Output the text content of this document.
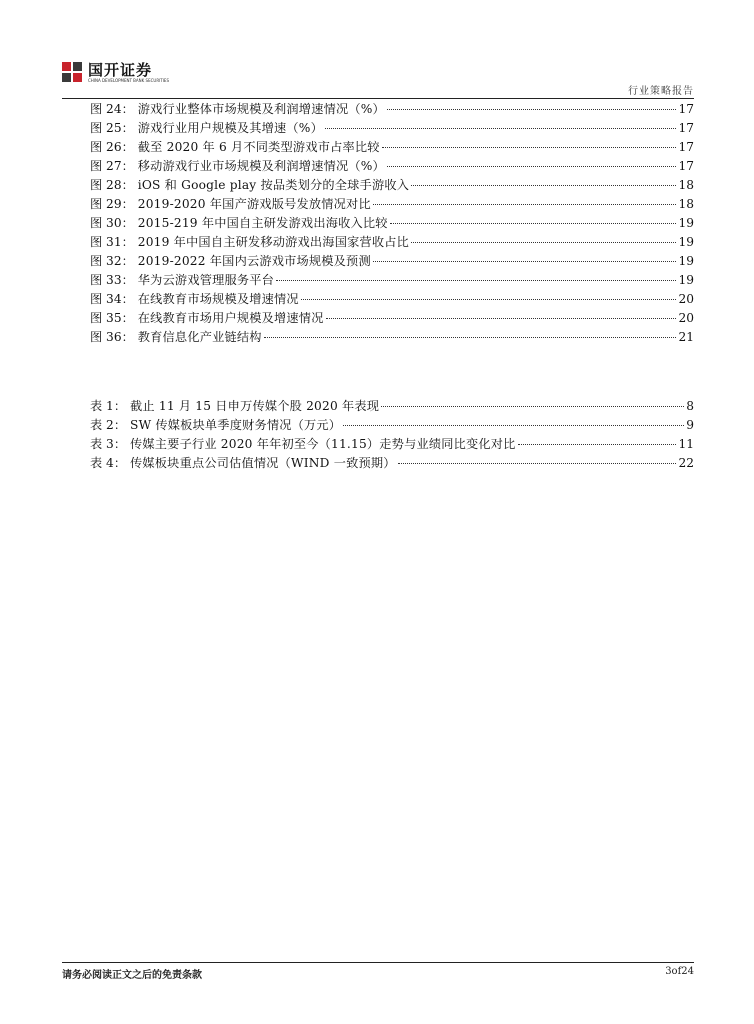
国开证券
CHINA DEVELOPMENT BANK SECURITIES
行业策略报告
图 24： 游戏行业整体市场规模及利润增速情况（%）	17
图 25： 游戏行业用户规模及其增速（%）	17
图 26： 截至 2020 年 6 月不同类型游戏市占率比较	17
图 27： 移动游戏行业市场规模及利润增速情况（%）	17
图 28： iOS 和 Google play 按品类划分的全球手游收入	18
图 29： 2019-2020 年国产游戏版号发放情况对比	18
图 30： 2015-219 年中国自主研发游戏出海收入比较	19
图 31： 2019 年中国自主研发移动游戏出海国家营收占比	19
图 32： 2019-2022 年国内云游戏市场规模及预测	19
图 33： 华为云游戏管理服务平台	19
图 34： 在线教育市场规模及增速情况	20
图 35： 在线教育市场用户规模及增速情况	20
图 36： 教育信息化产业链结构	21
表 1： 截止 11 月 15 日申万传媒个股 2020 年表现	8
表 2： SW 传媒板块单季度财务情况（万元）	9
表 3： 传媒主要子行业 2020 年年初至今（11.15）走势与业绩同比变化对比	11
表 4： 传媒板块重点公司估值情况（WIND 一致预期）	22
请务必阅读正文之后的免责条款	3of24
